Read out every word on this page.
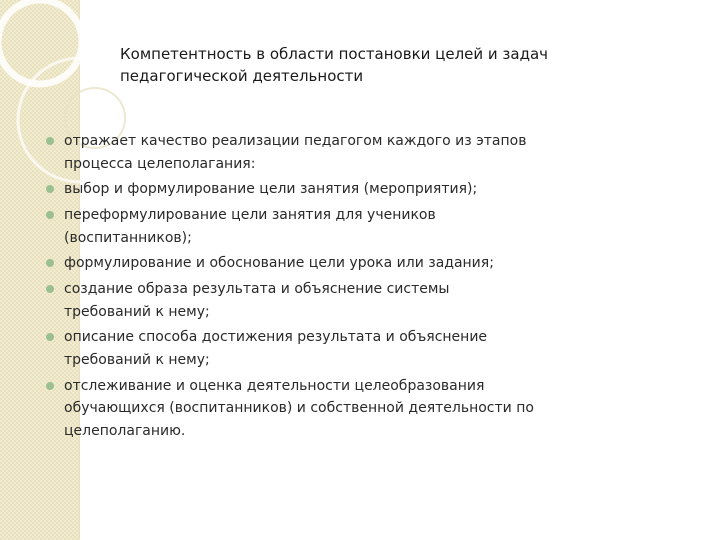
Компетентность в области постановки целей и задач
педагогической деятельности
отражает качество реализации педагогом каждого из этапов
процесса целеполагания:
выбор и формулирование цели занятия (мероприятия);
переформулирование цели занятия для учеников
(воспитанников);
формулирование и обоснование цели урока или задания;
создание образа результата и объяснение системы
требований к нему;
описание способа достижения результата и объяснение
требований к нему;
отслеживание и оценка деятельности целеобразования
обучающихся (воспитанников) и собственной деятельности по
целеполаганию.
